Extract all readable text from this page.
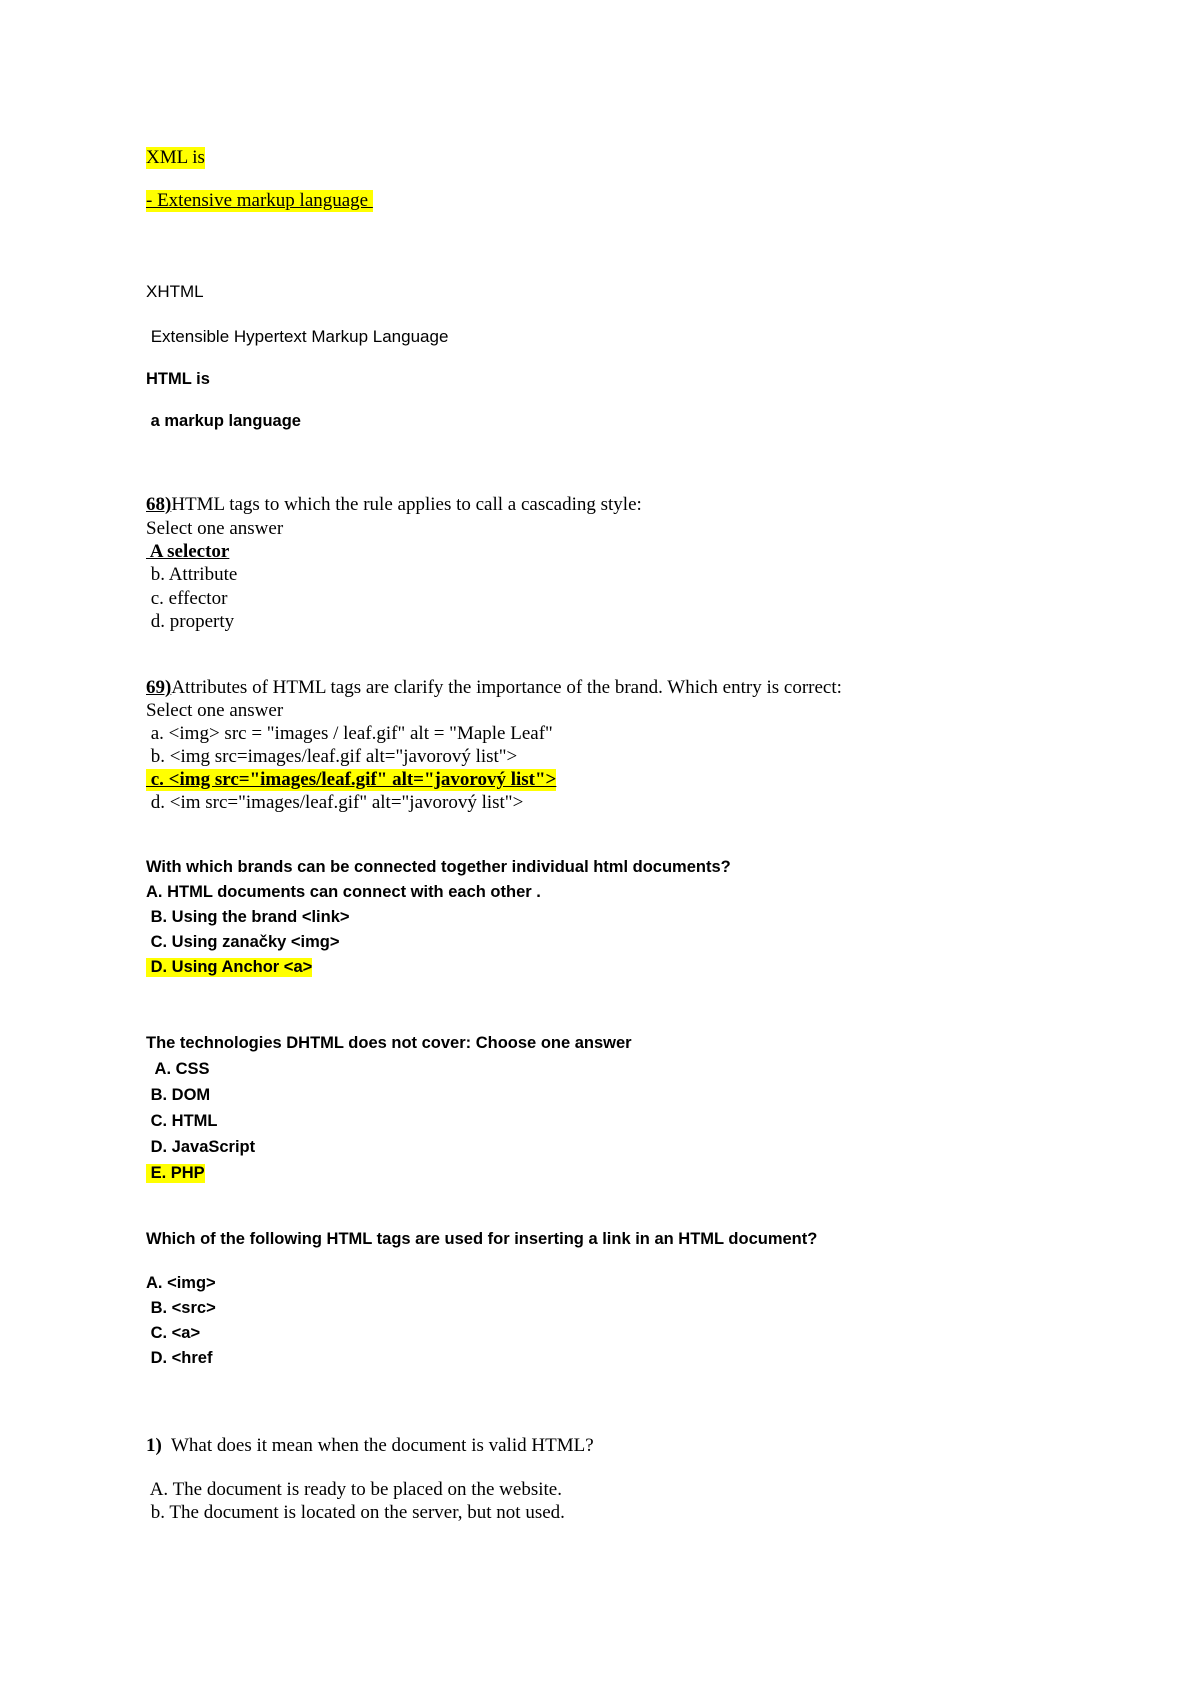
XML is
- Extensive markup language
XHTML
Extensible Hypertext Markup Language
HTML is
a markup language
68)HTML tags to which the rule applies to call a cascading style:
Select one answer
A selector
b. Attribute
c. effector
d. property
69)Attributes of HTML tags are clarify the importance of the brand. Which entry is correct:
Select one answer
a. <img> src = "images / leaf.gif" alt = "Maple Leaf"
b. <img src=images/leaf.gif alt="javorový list">
c. <img src="images/leaf.gif" alt="javorový list">
d. <im src="images/leaf.gif" alt="javorový list">
With which brands can be connected together individual html documents?
A. HTML documents can connect with each other .
B. Using the brand <link>
C. Using zanačky <img>
D. Using Anchor <a>
The technologies DHTML does not cover: Choose one answer
A. CSS
B. DOM
C. HTML
D. JavaScript
E. PHP
Which of the following HTML tags are used for inserting a link in an HTML document?
A. <img>
B. <src>
C. <a>
D. <href
1)  What does it mean when the document is valid HTML?
A. The document is ready to be placed on the website.
b. The document is located on the server, but not used.
